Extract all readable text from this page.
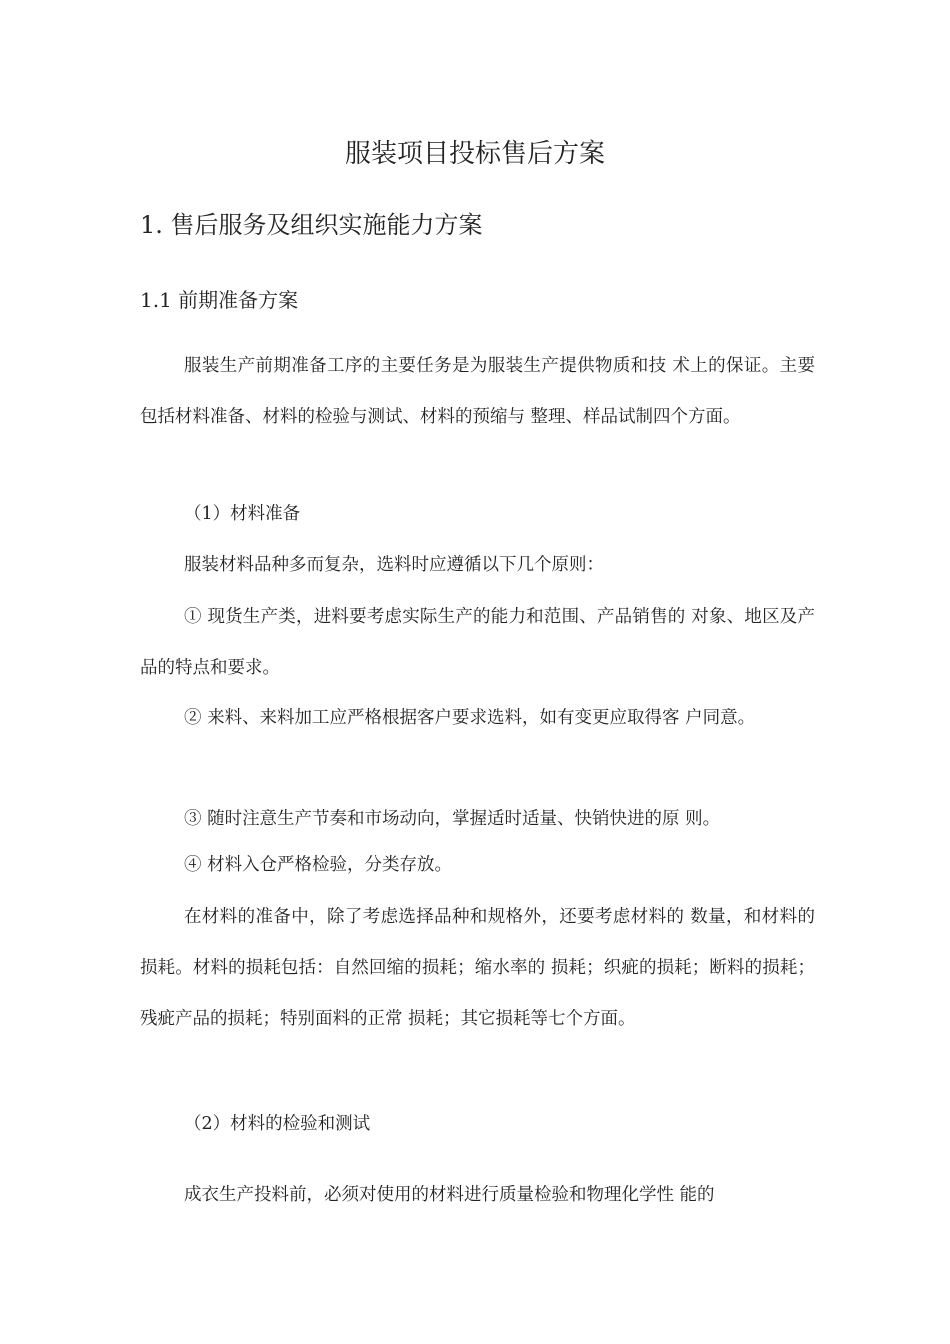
服装项目投标售后方案
1. 售后服务及组织实施能力方案
1.1 前期准备方案

服装生产前期准备工序的主要任务是为服装生产提供物质和技 术上的保证。主要包括材料准备、材料的检验与测试、材料的预缩与 整理、样品试制四个方面。

（1）材料准备

服装材料品种多而复杂，选料时应遵循以下几个原则：

① 现货生产类，进料要考虑实际生产的能力和范围、产品销售的 对象、地区及产品的特点和要求。

② 来料、来料加工应严格根据客户要求选料，如有变更应取得客 户同意。

③ 随时注意生产节奏和市场动向，掌握适时适量、快销快进的原 则。

④ 材料入仓严格检验，分类存放。

在材料的准备中，除了考虑选择品种和规格外，还要考虑材料的 数量，和材料的损耗。材料的损耗包括：自然回缩的损耗；缩水率的 损耗；织疵的损耗；断料的损耗；残疵产品的损耗；特别面料的正常 损耗；其它损耗等七个方面。

（2）材料的检验和测试

成衣生产投料前，必须对使用的材料进行质量检验和物理化学性 能的
